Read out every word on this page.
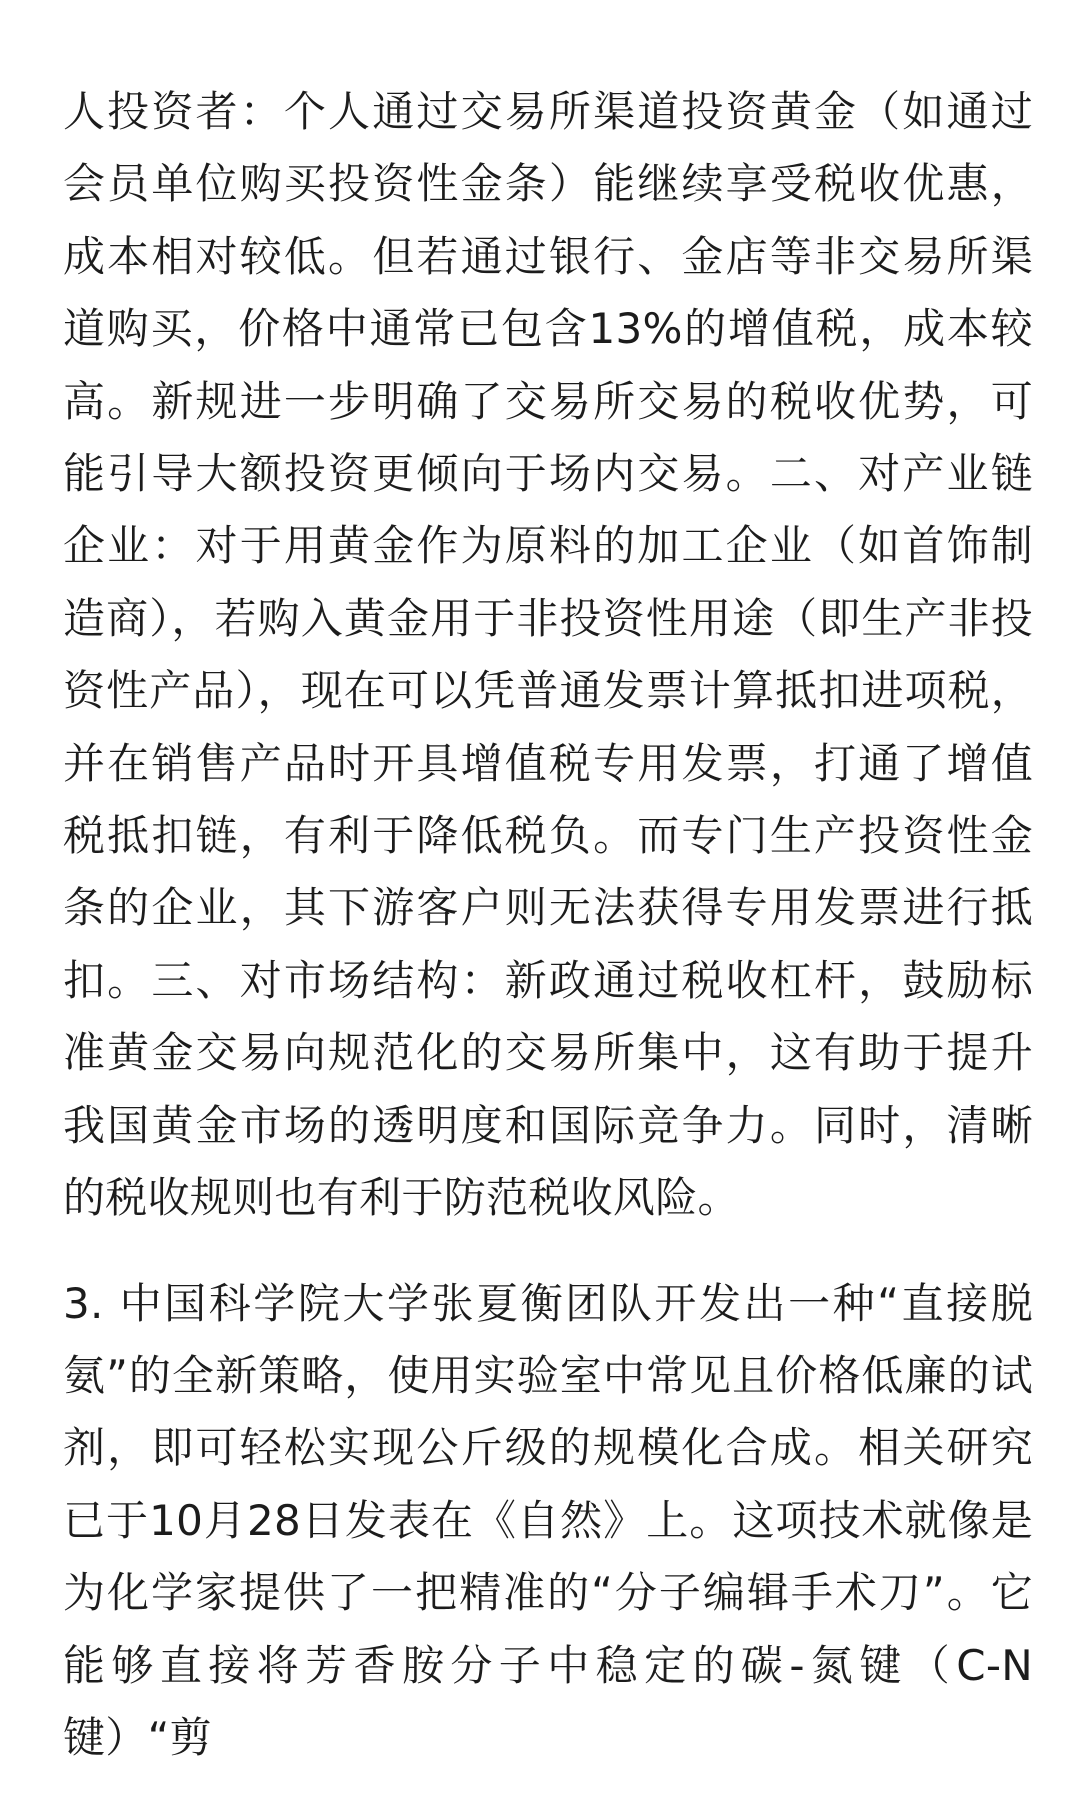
人投资者：个人通过交易所渠道投资黄金（如通过会员单位购买投资性金条）能继续享受税收优惠，成本相对较低。但若通过银行、金店等非交易所渠道购买，价格中通常已包含13%的增值税，成本较高。新规进一步明确了交易所交易的税收优势，可能引导大额投资更倾向于场内交易。二、对产业链企业：对于用黄金作为原料的加工企业（如首饰制造商），若购入黄金用于非投资性用途（即生产非投资性产品），现在可以凭普通发票计算抵扣进项税，并在销售产品时开具增值税专用发票，打通了增值税抵扣链，有利于降低税负。而专门生产投资性金条的企业，其下游客户则无法获得专用发票进行抵扣。三、对市场结构：新政通过税收杠杆，鼓励标准黄金交易向规范化的交易所集中，这有助于提升我国黄金市场的透明度和国际竞争力。同时，清晰的税收规则也有利于防范税收风险。

3. 中国科学院大学张夏衡团队开发出一种“直接脱氨”的全新策略，使用实验室中常见且价格低廉的试剂，即可轻松实现公斤级的规模化合成。相关研究已于10月28日发表在《自然》上。这项技术就像是为化学家提供了一把精准的“分子编辑手术刀”。它能够直接将芳香胺分子中稳定的碳-氮键（C-N键）“剪
